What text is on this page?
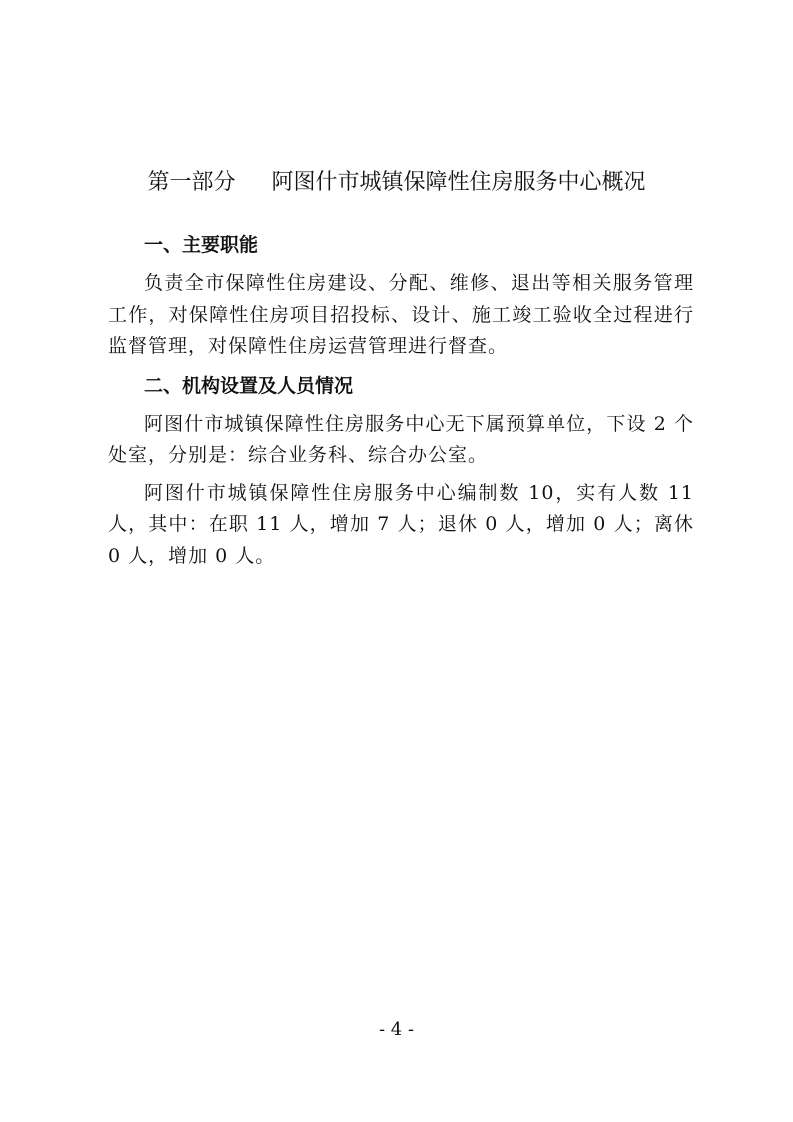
第一部分 阿图什市城镇保障性住房服务中心概况
一、主要职能

负责全市保障性住房建设、分配、维修、退出等相关服务管理工作，对保障性住房项目招投标、设计、施工竣工验收全过程进行监督管理，对保障性住房运营管理进行督查。

二、机构设置及人员情况

阿图什市城镇保障性住房服务中心无下属预算单位，下设 2 个处室，分别是：综合业务科、综合办公室。

阿图什市城镇保障性住房服务中心编制数 10，实有人数 11 人，其中：在职 11 人，增加 7 人；退休 0 人，增加 0 人；离休 0 人，增加 0 人。

- 4 -
